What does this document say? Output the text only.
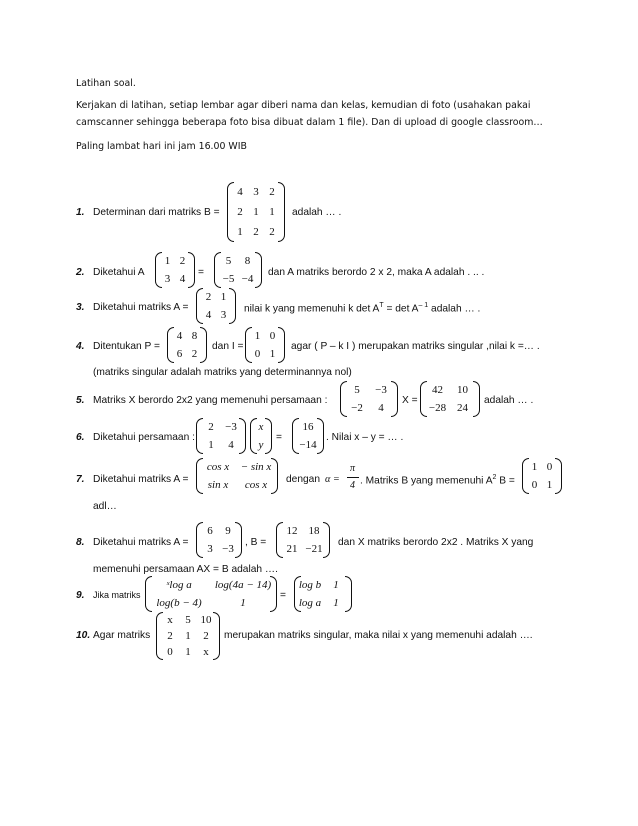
Latihan soal.
Kerjakan di latihan, setiap lembar agar diberi nama dan kelas, kemudian di foto (usahakan pakai
camscanner sehingga beberapa foto bisa dibuat dalam 1 file). Dan di upload di google classroom…
Paling lambat hari ini jam 16.00 WIB
1. Determinan dari matriks B =
4 3 2
2 1 1
1 2 2
adalah … .
2. Diketahui A
1 2
3 4	=
5	8
−5 −4	dan A matriks berordo 2 x 2, maka A adalah . .. .
3. Diketahui matriks A =
2 1
4 3	nilai k yang memenuhi k $\det A^T = \det A^{- 1}$ adalah … .
4. Ditentukan P =
4 8
6 2
dan I =
1 0
0 1
agar ( P – k I ) merupakan matriks singular ,nilai k =… .
(matriks singular adalah matriks yang determinannya nol)
5. Matriks X berordo 2x2 yang memenuhi persamaan :
5	−3
−2	4
X =
42	10
−28 24
adalah … .
6. Diketahui persamaan :
2	−3
1	4
x
y
=
16
−14
. Nilai x – y = … .
7. Diketahui matriks A =
cos x	− sin x
sin x	cos x	dengan α =
π
4 . Matriks B yang memenuhi $A^2$ B =
1 0
0 1
adl…
8. Diketahui matriks A =
6	9
3 −3	, B =
12	18
21 −21 dan X matriks berordo 2x2 . Matriks X yang
memenuhi persamaan AX = B adalah ….
9. Jika matriks
ˣlog a	log(4a − 14)
log(b − 4)	1
=
log b	1
log a	1
10. Agar matriks
x	5 10
2	1	2
0	1	x
merupakan matriks singular, maka nilai x yang memenuhi adalah ….
